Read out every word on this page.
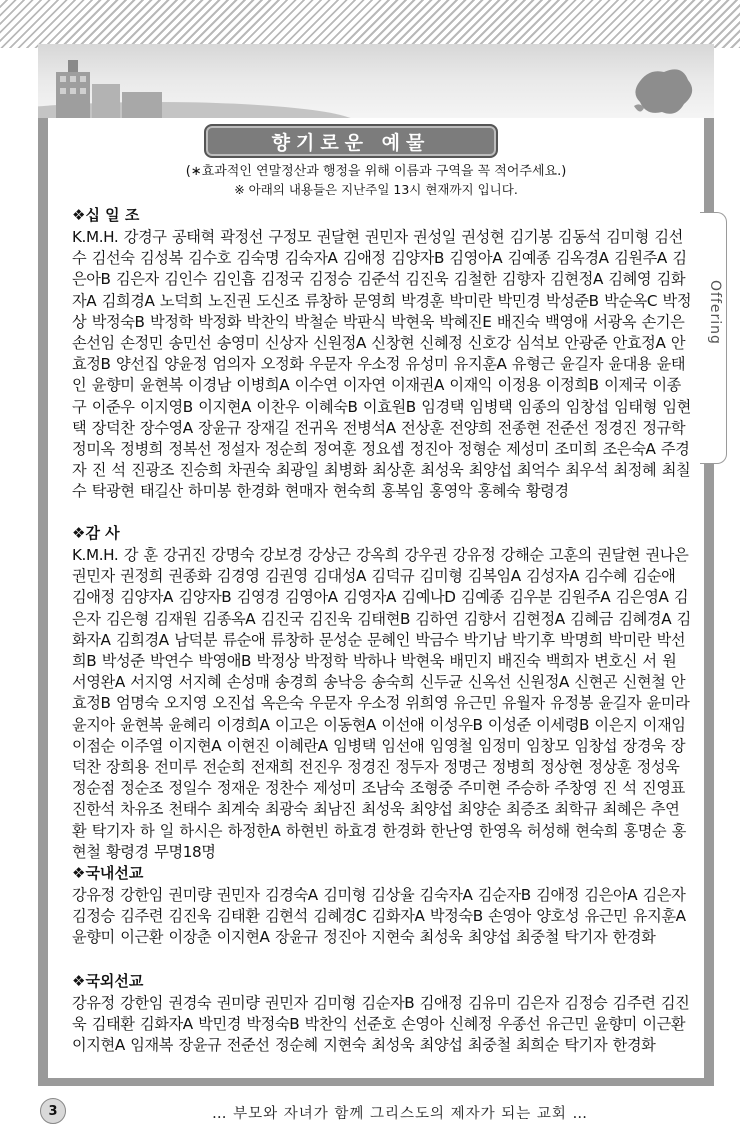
Offering
향기로운 예물
(∗효과적인 연말정산과 행정을 위해 이름과 구역을 꼭 적어주세요.)
※ 아래의 내용들은 지난주일 13시 현재까지 입니다.
❖십 일 조

K.M.H. 강경구 공태혁 곽정선 구정모 권달현 권민자 권성일 권성현 김기봉 김동석 김미형 김선수 김선숙 김성복 김수호 김숙명 김숙자A 김애정 김양자B 김영아A 김예종 김옥경A 김원주A 김은아B 김은자 김인수 김인흡 김정국 김정승 김준석 김진욱 김철한 김향자 김현정A 김혜영 김화자A 김희경A 노덕희 노진권 도신조 류창하 문영희 박경훈 박미란 박민경 박성준B 박순옥C 박정상 박정숙B 박정학 박정화 박찬익 박철순 박판식 박현욱 박혜진E 배진숙 백영애 서광옥 손기은 손선임 손정민 송민선 송영미 신상자 신원정A 신창현 신혜정 신호강 심석보 안광준 안효정A 안효정B 양선집 양윤정 엄의자 오정화 우문자 우소정 유성미 유지훈A 유형근 윤길자 윤대용 윤태인 윤향미 윤현복 이경남 이병희A 이수연 이자연 이재권A 이재익 이정용 이정희B 이제국 이종구 이준우 이지영B 이지현A 이찬우 이혜숙B 이효원B 임경택 임병택 임종의 임창섭 임태형 임현택 장덕찬 장수영A 장윤규 장재길 전귀옥 전병석A 전상훈 전양희 전종현 전준선 정경진 정규학 정미옥 정병희 정복선 정설자 정순희 정여훈 정요셉 정진아 정형순 제성미 조미희 조은숙A 주경자 진 석 진광조 진승희 차권숙 최광일 최병화 최상훈 최성욱 최양섭 최억수 최우석 최정혜 최칠수 탁광현 태길산 하미봉 한경화 현매자 현숙희 홍복임 홍영악 홍혜숙 황령경

❖감 사

K.M.H. 강 훈 강귀진 강명숙 강보경 강상근 강옥희 강우권 강유정 강해순 고훈의 권달현 권나은 권민자 권정희 권종화 김경영 김권영 김대성A 김덕규 김미형 김복임A 김성자A 김수혜 김순애 김애정 김양자A 김양자B 김영경 김영아A 김영자A 김예나D 김예종 김우분 김원주A 김은영A 김은자 김은형 김재원 김종옥A 김진국 김진욱 김태현B 김하연 김향서 김현정A 김혜금 김혜경A 김화자A 김희경A 남덕분 류순애 류창하 문성순 문혜인 박금수 박기남 박기후 박명희 박미란 박선희B 박성준 박연수 박영애B 박정상 박정학 박하나 박현욱 배민지 배진숙 백희자 변호신 서 원 서영완A 서지영 서지혜 손성매 송경희 송낙응 송숙희 신두균 신옥선 신원정A 신현곤 신현철 안효정B 엄명숙 오지영 오진섭 옥은숙 우문자 우소정 위희영 유근민 유월자 유정봉 윤길자 윤미라 윤지아 윤현복 윤혜리 이경희A 이고은 이동현A 이선애 이성우B 이성준 이세령B 이은지 이재임 이점순 이주열 이지현A 이현진 이혜란A 임병택 임선애 임영철 임정미 임창모 임창섭 장경욱 장덕찬 장희용 전미루 전순희 전재희 전진우 정경진 정두자 정명근 정병희 정상현 정상훈 정성욱 정순점 정순조 정일수 정재운 정찬수 제성미 조남숙 조형중 주미현 주승하 주창영 진 석 진영표 진한석 차유조 천태수 최계숙 최광숙 최남진 최성욱 최양섭 최양순 최증조 최학규 최혜은 추연환 탁기자 하 일 하시은 하정한A 하현빈 하효경 한경화 한난영 한영옥 허성해 현숙희 홍명순 홍현철 황령경 무명18명

❖국내선교

강유정 강한임 권미량 권민자 김경숙A 김미형 김상율 김숙자A 김순자B 김애정 김은아A 김은자 김정승 김주련 김진욱 김태환 김현석 김혜경C 김화자A 박정숙B 손영아 양호성 유근민 유지훈A 윤향미 이근환 이장춘 이지현A 장윤규 정진아 지현숙 최성욱 최양섭 최중철 탁기자 한경화

❖국외선교

강유정 강한임 권경숙 권미량 권민자 김미형 김순자B 김애정 김유미 김은자 김정승 김주련 김진욱 김태환 김화자A 박민경 박정숙B 박찬익 선준호 손영아 신혜정 우종선 유근민 윤향미 이근환 이지현A 임재복 장윤규 전준선 정순혜 지현숙 최성욱 최양섭 최중철 최희순 탁기자 한경화

3	… 부모와 자녀가 함께 그리스도의 제자가 되는 교회 …
